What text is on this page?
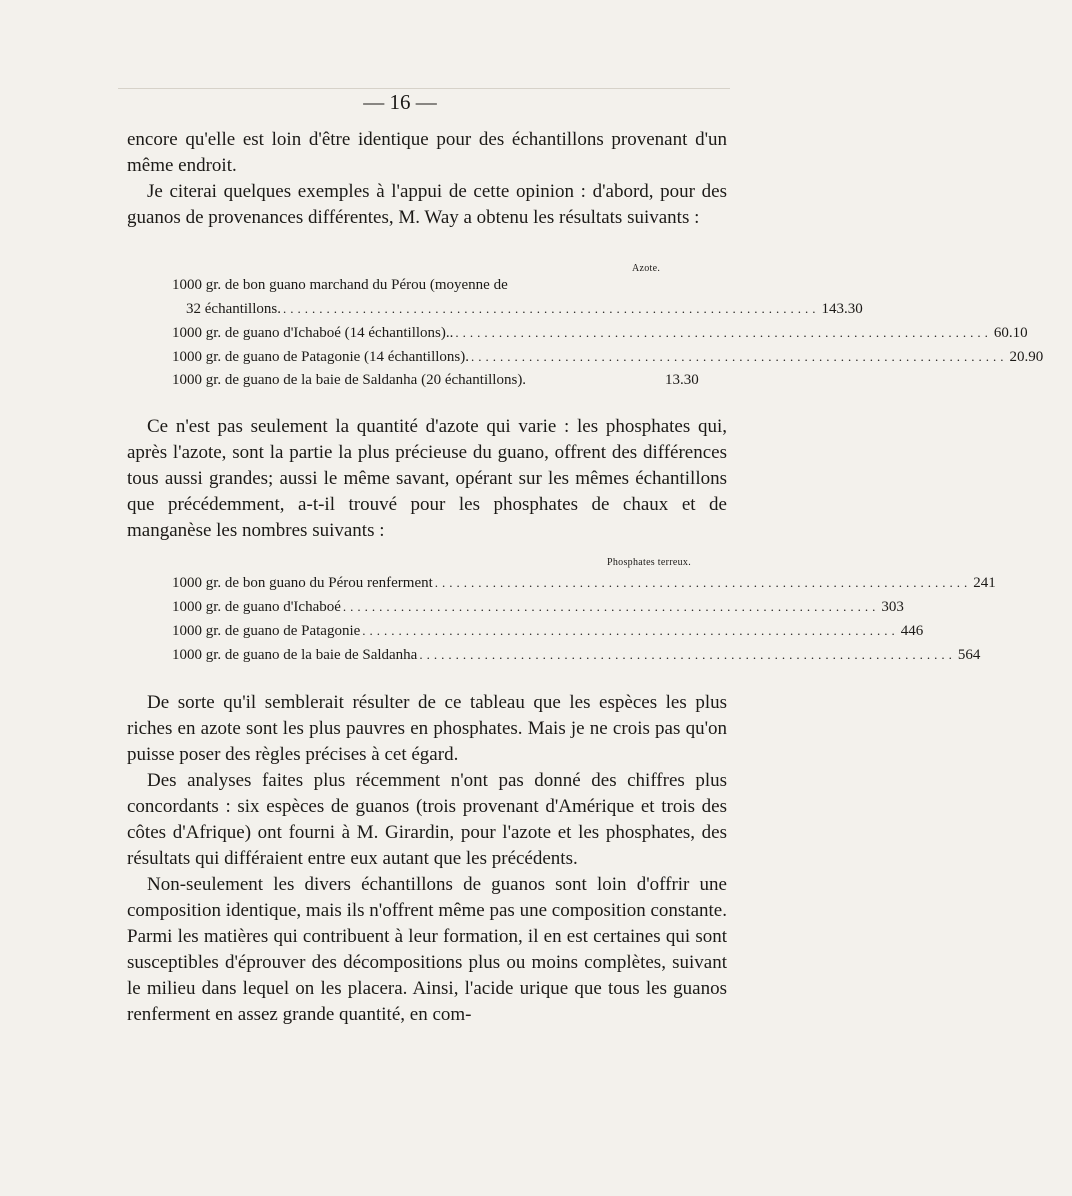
— 16 —

encore qu'elle est loin d'être identique pour des échantillons provenant d'un même endroit.

Je citerai quelques exemples à l'appui de cette opinion : d'abord, pour des guanos de provenances différentes, M. Way a obtenu les résultats suivants :

Azote.
1000 gr. de bon guano marchand du Pérou (moyenne de
32 échantillons. .......................................................................... 143.30
1000 gr. de guano d'Ichaboé (14 échantillons).. .......................................................................... 60.10
1000 gr. de guano de Patagonie (14 échantillons). .......................................................................... 20.90
1000 gr. de guano de la baie de Saldanha (20 échantillons).	13.30

Ce n'est pas seulement la quantité d'azote qui varie : les phosphates qui, après l'azote, sont la partie la plus précieuse du guano, offrent des différences tous aussi grandes; aussi le même savant, opérant sur les mêmes échantillons que précédemment, a-t-il trouvé pour les phosphates de chaux et de manganèse les nombres suivants :

Phosphates terreux.
1000 gr. de bon guano du Pérou renferment .......................................................................... 241
1000 gr. de guano d'Ichaboé .......................................................................... 303
1000 gr. de guano de Patagonie .......................................................................... 446
1000 gr. de guano de la baie de Saldanha .......................................................................... 564

De sorte qu'il semblerait résulter de ce tableau que les espèces les plus riches en azote sont les plus pauvres en phosphates. Mais je ne crois pas qu'on puisse poser des règles précises à cet égard.

Des analyses faites plus récemment n'ont pas donné des chiffres plus concordants : six espèces de guanos (trois provenant d'Amérique et trois des côtes d'Afrique) ont fourni à M. Girardin, pour l'azote et les phosphates, des résultats qui différaient entre eux autant que les précédents.

Non-seulement les divers échantillons de guanos sont loin d'offrir une composition identique, mais ils n'offrent même pas une composition constante. Parmi les matières qui contribuent à leur formation, il en est certaines qui sont susceptibles d'éprouver des décompositions plus ou moins complètes, suivant le milieu dans lequel on les placera. Ainsi, l'acide urique que tous les guanos renferment en assez grande quantité, en com-
